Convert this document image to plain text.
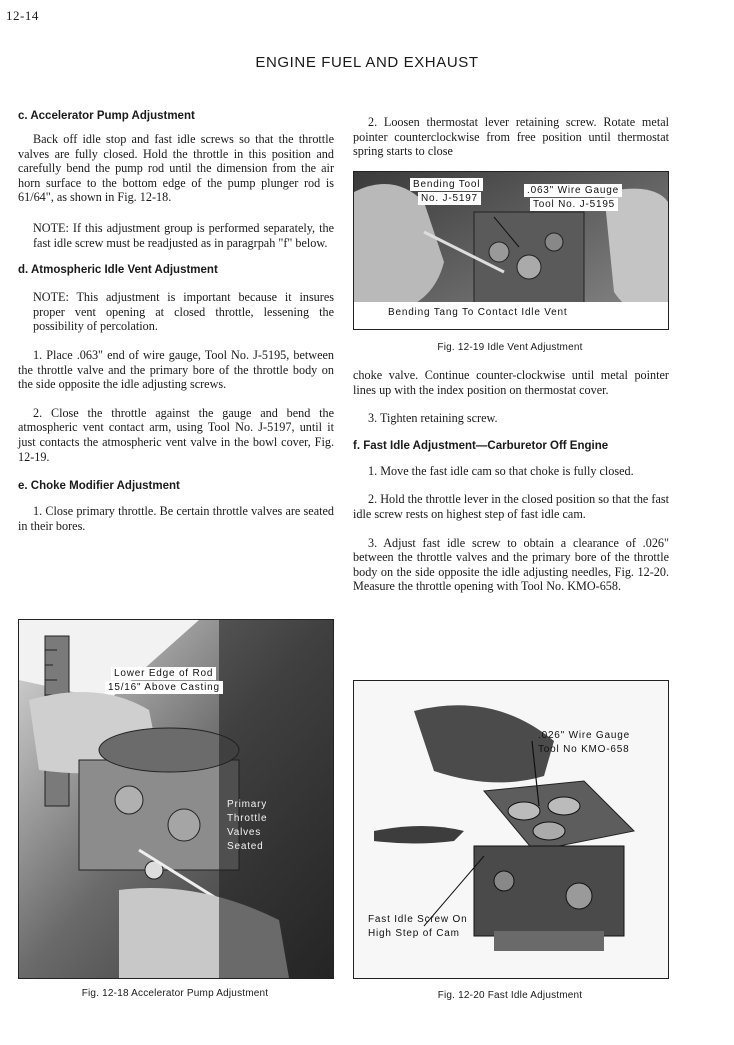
12-14
ENGINE FUEL AND EXHAUST
c. Accelerator Pump Adjustment

Back off idle stop and fast idle screws so that the throttle valves are fully closed. Hold the throttle in this position and carefully bend the pump rod until the dimension from the air horn surface to the bottom edge of the pump plunger rod is 61/64", as shown in Fig. 12-18.

NOTE: If this adjustment group is performed separately, the fast idle screw must be readjusted as in paragrpah "f" below.

d. Atmospheric Idle Vent Adjustment

NOTE: This adjustment is important because it insures proper vent opening at closed throttle, lessening the possibility of percolation.

1. Place .063" end of wire gauge, Tool No. J-5195, between the throttle valve and the primary bore of the throttle body on the side opposite the idle adjusting screws.

2. Close the throttle against the gauge and bend the atmospheric vent contact arm, using Tool No. J-5197, until it just contacts the atmospheric vent valve in the bowl cover, Fig. 12-19.

e. Choke Modifier Adjustment

1. Close primary throttle. Be certain throttle valves are seated in their bores.

2. Loosen thermostat lever retaining screw. Rotate metal pointer counterclockwise from free position until thermostat spring starts to close

Bending Tool
No. J-5197
.063" Wire Gauge
Tool No. J-5195
Bending Tang To Contact Idle Vent
Fig. 12-19 Idle Vent Adjustment

choke valve. Continue counter-clockwise until metal pointer lines up with the index position on thermostat cover.

3. Tighten retaining screw.

f. Fast Idle Adjustment—Carburetor Off Engine

1. Move the fast idle cam so that choke is fully closed.

2. Hold the throttle lever in the closed position so that the fast idle screw rests on highest step of fast idle cam.

3. Adjust fast idle screw to obtain a clearance of .026" between the throttle valves and the primary bore of the throttle body on the side opposite the idle adjusting needles, Fig. 12-20. Measure the throttle opening with Tool No. KMO-658.

Lower Edge of Rod
15/16" Above Casting
Primary
Throttle
Valves
Seated
Fig. 12-18 Accelerator Pump Adjustment
.026" Wire Gauge
Tool No KMO-658
Fast Idle Screw On
High Step of Cam
Fig. 12-20 Fast Idle Adjustment
